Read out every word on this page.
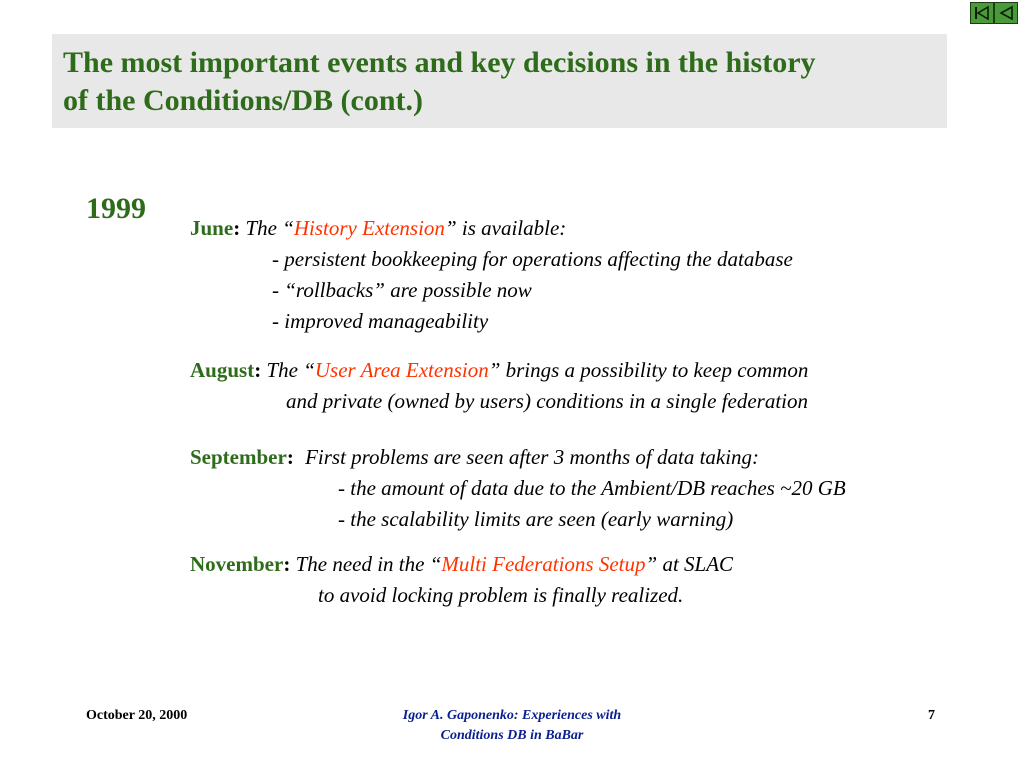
The most important events and key decisions in the history
of the Conditions/DB (cont.)
1999
June: The “History Extension” is available:
- persistent bookkeeping for operations affecting the database
- “rollbacks” are possible now
- improved manageability
August: The “User Area Extension” brings a possibility to keep common
and private (owned by users) conditions in a single federation
September: First problems are seen after 3 months of data taking:
- the amount of data due to the Ambient/DB reaches ~20 GB
- the scalability limits are seen (early warning)
November: The need in the “Multi Federations Setup” at SLAC
to avoid locking problem is finally realized.
October 20, 2000	Igor A. Gaponenko: Experiences with
Conditions DB in BaBar
7
